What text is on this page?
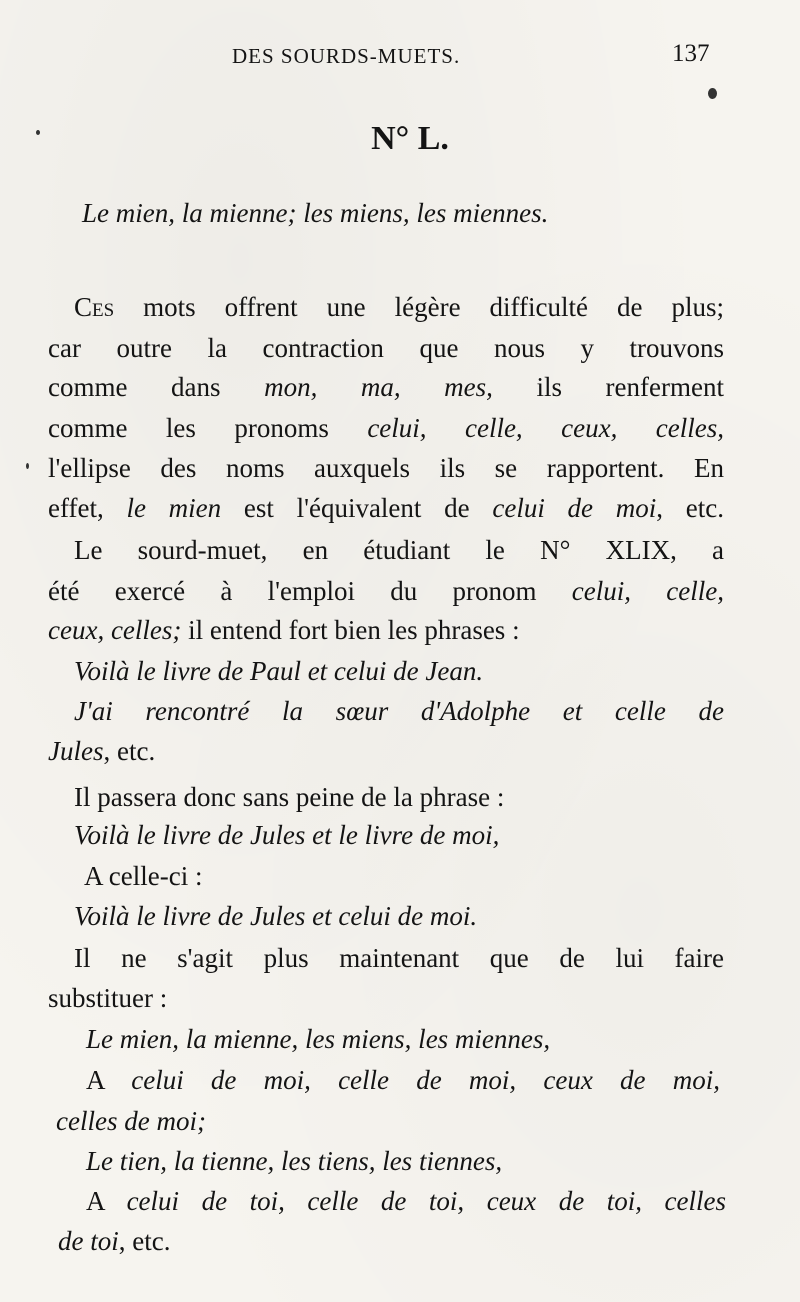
DES SOURDS-MUETS.	137
N° L.
Le mien, la mienne; les miens, les miennes.
Ces mots offrent une légère difficulté de plus;
car outre la contraction que nous y trouvons
comme dans mon, ma, mes, ils renferment
comme les pronoms celui, celle, ceux, celles,
l'ellipse des noms auxquels ils se rapportent. En
effet, le mien est l'équivalent de celui de moi, etc.
Le sourd-muet, en étudiant le N° XLIX, a
été exercé à l'emploi du pronom celui, celle,
ceux, celles; il entend fort bien les phrases :
Voilà le livre de Paul et celui de Jean.
J'ai rencontré la sœur d'Adolphe et celle de
Jules, etc.
Il passera donc sans peine de la phrase :
Voilà le livre de Jules et le livre de moi,
A celle-ci :
Voilà le livre de Jules et celui de moi.
Il ne s'agit plus maintenant que de lui faire
substituer :
Le mien, la mienne, les miens, les miennes,
A celui de moi, celle de moi, ceux de moi,
celles de moi;
Le tien, la tienne, les tiens, les tiennes,
A celui de toi, celle de toi, ceux de toi, celles
de toi, etc.
